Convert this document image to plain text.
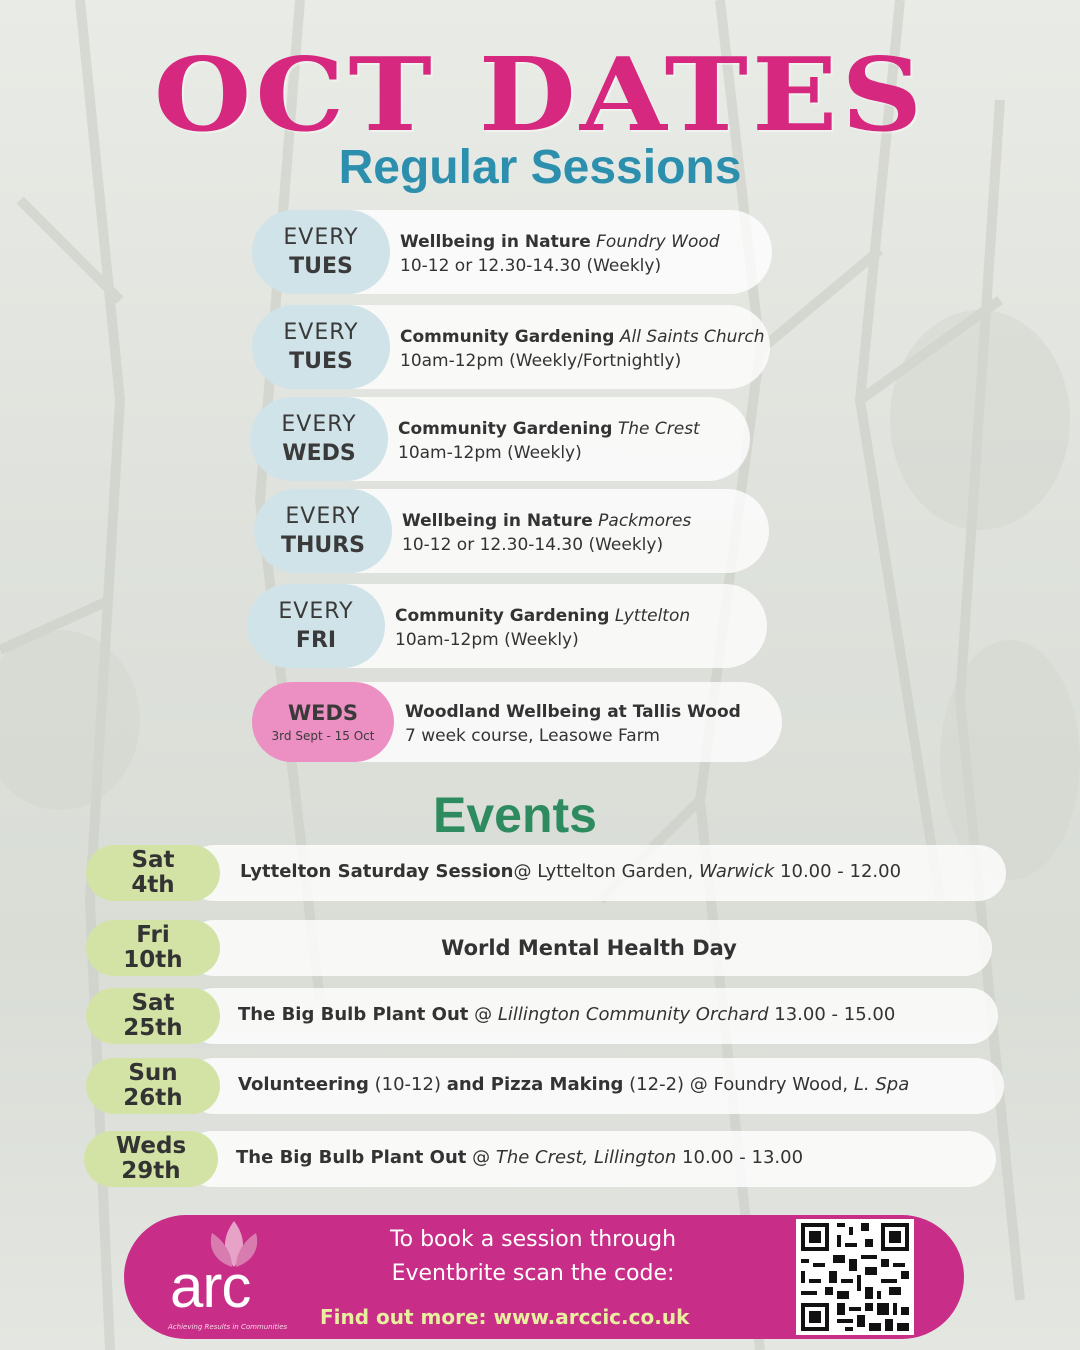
OCT DATES
Regular Sessions
EVERY
TUES
Wellbeing in Nature Foundry Wood
10-12 or 12.30-14.30 (Weekly)
EVERY
TUES
Community Gardening All Saints Church
10am-12pm (Weekly/Fortnightly)
EVERY
WEDS
Community Gardening The Crest
10am-12pm (Weekly)
EVERY
THURS
Wellbeing in Nature Packmores
10-12 or 12.30-14.30 (Weekly)
EVERY
FRI
Community Gardening Lyttelton
10am-12pm (Weekly)
WEDS
3rd Sept - 15 Oct
Woodland Wellbeing at Tallis Wood
7 week course, Leasowe Farm
Events
Sat
4th
Lyttelton Saturday Session@ Lyttelton Garden, Warwick 10.00 - 12.00
Fri
10th	World Mental Health Day
Sat
25th
The Big Bulb Plant Out @ Lillington Community Orchard 13.00 - 15.00
Sun
26th
Volunteering (10-12) and Pizza Making (12-2) @ Foundry Wood, L. Spa
Weds
29th
The Big Bulb Plant Out @ The Crest, Lillington 10.00 - 13.00
arc
Achieving Results in Communities
To book a session through
Eventbrite scan the code:
Find out more: www.arccic.co.uk
